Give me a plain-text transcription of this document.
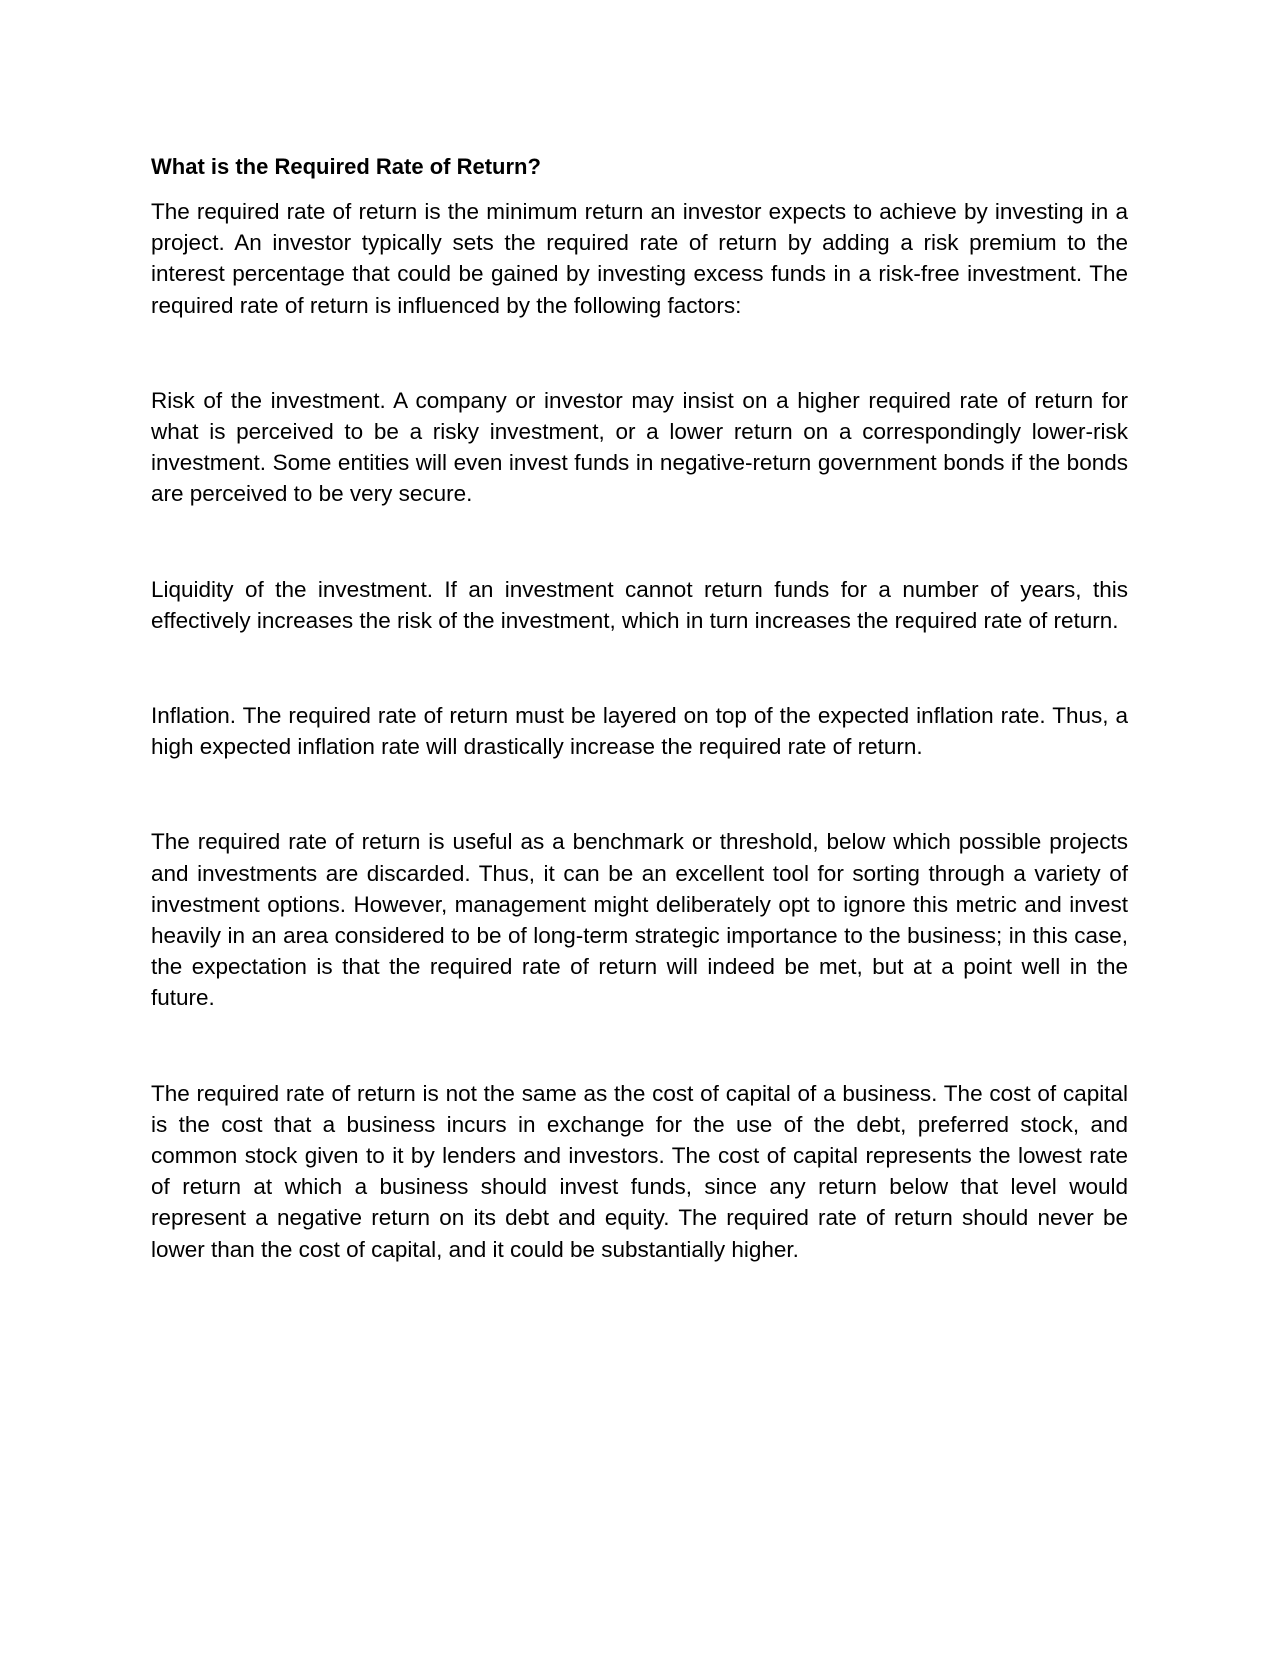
What is the Required Rate of Return?

The required rate of return is the minimum return an investor expects to achieve by investing in a project. An investor typically sets the required rate of return by adding a risk premium to the interest percentage that could be gained by investing excess funds in a risk-free investment. The required rate of return is influenced by the following factors:

Risk of the investment. A company or investor may insist on a higher required rate of return for what is perceived to be a risky investment, or a lower return on a correspondingly lower-risk investment. Some entities will even invest funds in negative-return government bonds if the bonds are perceived to be very secure.

Liquidity of the investment. If an investment cannot return funds for a number of years, this effectively increases the risk of the investment, which in turn increases the required rate of return.

Inflation. The required rate of return must be layered on top of the expected inflation rate. Thus, a high expected inflation rate will drastically increase the required rate of return.

The required rate of return is useful as a benchmark or threshold, below which possible projects and investments are discarded. Thus, it can be an excellent tool for sorting through a variety of investment options. However, management might deliberately opt to ignore this metric and invest heavily in an area considered to be of long-term strategic importance to the business; in this case, the expectation is that the required rate of return will indeed be met, but at a point well in the future.

The required rate of return is not the same as the cost of capital of a business. The cost of capital is the cost that a business incurs in exchange for the use of the debt, preferred stock, and common stock given to it by lenders and investors. The cost of capital represents the lowest rate of return at which a business should invest funds, since any return below that level would represent a negative return on its debt and equity. The required rate of return should never be lower than the cost of capital, and it could be substantially higher.
